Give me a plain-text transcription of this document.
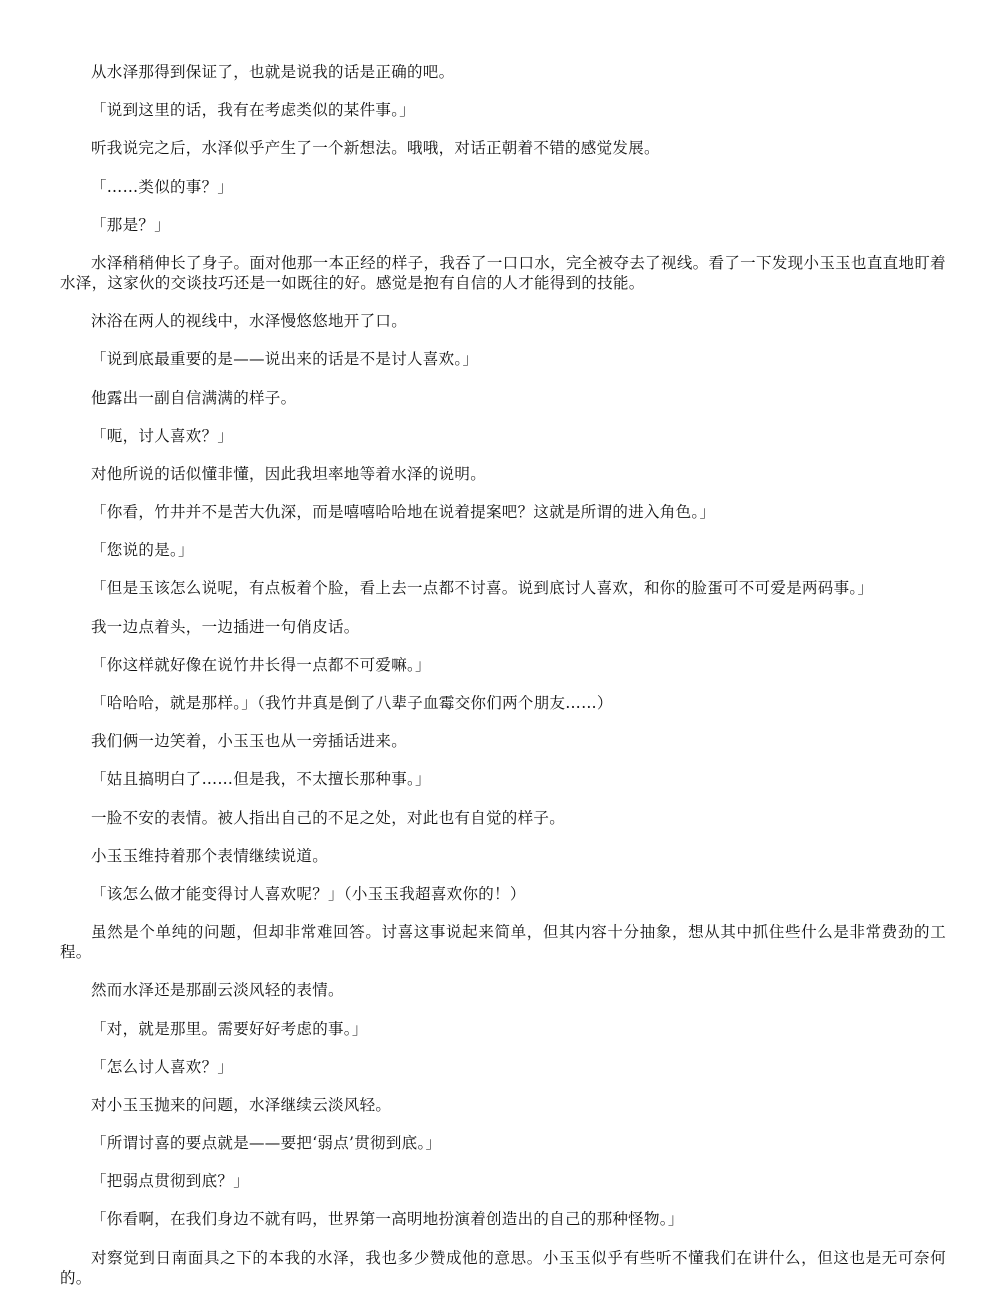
从水泽那得到保证了，也就是说我的话是正确的吧。

「说到这里的话，我有在考虑类似的某件事。」

听我说完之后，水泽似乎产生了一个新想法。哦哦，对话正朝着不错的感觉发展。

「……类似的事？」

「那是？」

水泽稍稍伸长了身子。面对他那一本正经的样子，我吞了一口口水，完全被夺去了视线。看了一下发现小玉玉也直直地盯着水泽，这家伙的交谈技巧还是一如既往的好。感觉是抱有自信的人才能得到的技能。

沐浴在两人的视线中，水泽慢悠悠地开了口。

「说到底最重要的是——说出来的话是不是讨人喜欢。」

他露出一副自信满满的样子。

「呃，讨人喜欢？」

对他所说的话似懂非懂，因此我坦率地等着水泽的说明。

「你看，竹井并不是苦大仇深，而是嘻嘻哈哈地在说着提案吧？这就是所谓的进入角色。」

「您说的是。」

「但是玉该怎么说呢，有点板着个脸，看上去一点都不讨喜。说到底讨人喜欢，和你的脸蛋可不可爱是两码事。」

我一边点着头，一边插进一句俏皮话。

「你这样就好像在说竹井长得一点都不可爱嘛。」

「哈哈哈，就是那样。」（我竹井真是倒了八辈子血霉交你们两个朋友……）

我们俩一边笑着，小玉玉也从一旁插话进来。

「姑且搞明白了……但是我，不太擅长那种事。」

一脸不安的表情。被人指出自己的不足之处，对此也有自觉的样子。

小玉玉维持着那个表情继续说道。

「该怎么做才能变得讨人喜欢呢？」（小玉玉我超喜欢你的！）

虽然是个单纯的问题，但却非常难回答。讨喜这事说起来简单，但其内容十分抽象，想从其中抓住些什么是非常费劲的工程。

然而水泽还是那副云淡风轻的表情。

「对，就是那里。需要好好考虑的事。」

「怎么讨人喜欢？」

对小玉玉抛来的问题，水泽继续云淡风轻。

「所谓讨喜的要点就是——要把‘弱点’贯彻到底。」

「把弱点贯彻到底？」

「你看啊，在我们身边不就有吗，世界第一高明地扮演着创造出的自己的那种怪物。」

对察觉到日南面具之下的本我的水泽，我也多少赞成他的意思。小玉玉似乎有些听不懂我们在讲什么，但这也是无可奈何的。
